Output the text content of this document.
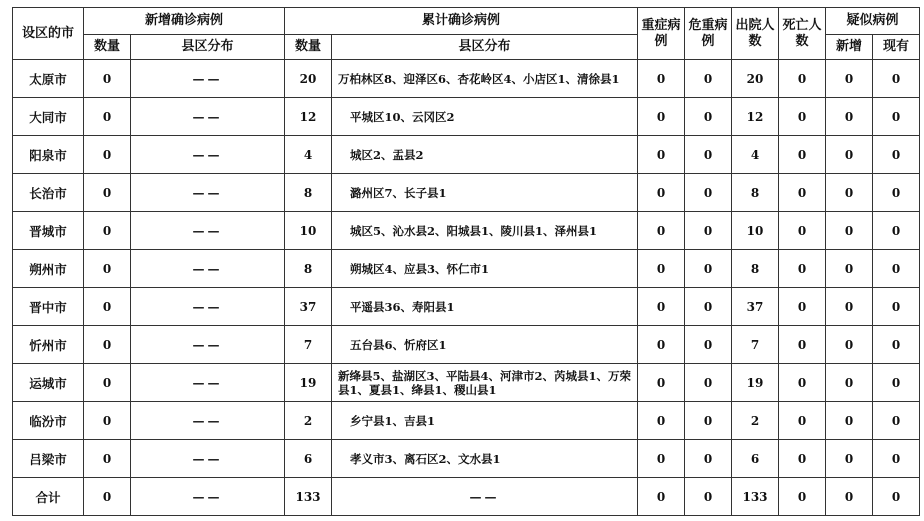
设区的市	新增确诊病例		累计确诊病例		重症病例	危重病例	出院人数	死亡人数	疑似病例	
	数量	县区分布	数量	县区分布					新增	现有
太原市	0	——	20	万柏林区8、迎泽区6、杏花岭区4、小店区1、清徐县1	0	0	20	0	0	0
大同市	0	——	12	平城区10、云冈区2	0	0	12	0	0	0
阳泉市	0	——	4	城区2、盂县2	0	0	4	0	0	0
长治市	0	——	8	潞州区7、长子县1	0	0	8	0	0	0
晋城市	0	——	10	城区5、沁水县2、阳城县1、陵川县1、泽州县1	0	0	10	0	0	0
朔州市	0	——	8	朔城区4、应县3、怀仁市1	0	0	8	0	0	0
晋中市	0	——	37	平遥县36、寿阳县1	0	0	37	0	0	0
忻州市	0	——	7	五台县6、忻府区1	0	0	7	0	0	0
运城市	0	——	19	新绛县5、盐湖区3、平陆县4、河津市2、芮城县1、万荣县1、夏县1、绛县1、稷山县1	0	0	19	0	0	0
临汾市	0	——	2	乡宁县1、吉县1	0	0	2	0	0	0
吕梁市	0	——	6	孝义市3、离石区2、文水县1	0	0	6	0	0	0
合计	0	——	133	——	0	0	133	0	0	0
